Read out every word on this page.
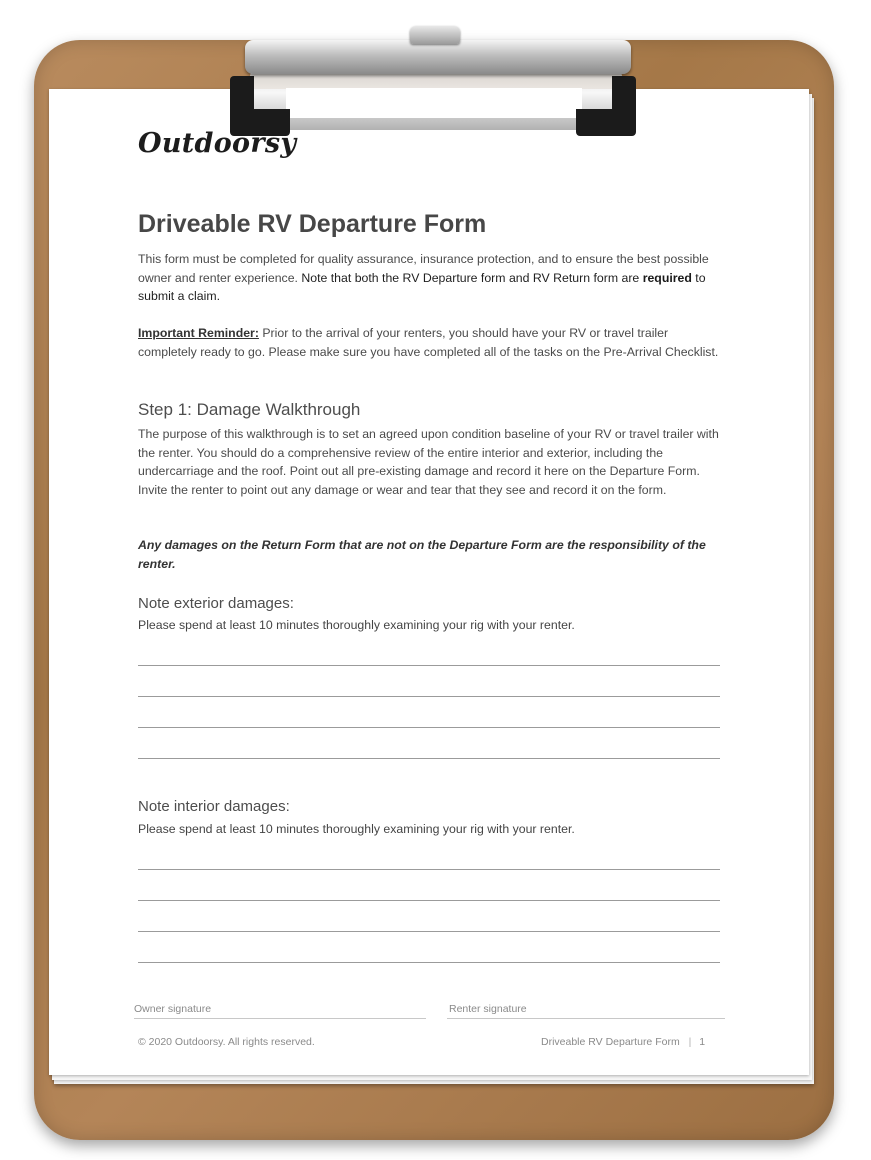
Outdoorsy
Driveable RV Departure Form
This form must be completed for quality assurance, insurance protection, and to ensure the best possible owner and renter experience. Note that both the RV Departure form and RV Return form are required to submit a claim.
Important Reminder: Prior to the arrival of your renters, you should have your RV or travel trailer completely ready to go. Please make sure you have completed all of the tasks on the Pre-Arrival Checklist.
Step 1: Damage Walkthrough
The purpose of this walkthrough is to set an agreed upon condition baseline of your RV or travel trailer with the renter. You should do a comprehensive review of the entire interior and exterior, including the undercarriage and the roof. Point out all pre-existing damage and record it here on the Departure Form. Invite the renter to point out any damage or wear and tear that they see and record it on the form.
Any damages on the Return Form that are not on the Departure Form are the responsibility of the renter.
Note exterior damages:
Please spend at least 10 minutes thoroughly examining your rig with your renter.
Note interior damages:
Please spend at least 10 minutes thoroughly examining your rig with your renter.
Owner signature	Renter signature
© 2020 Outdoorsy. All rights reserved.	Driveable RV Departure Form | 1
